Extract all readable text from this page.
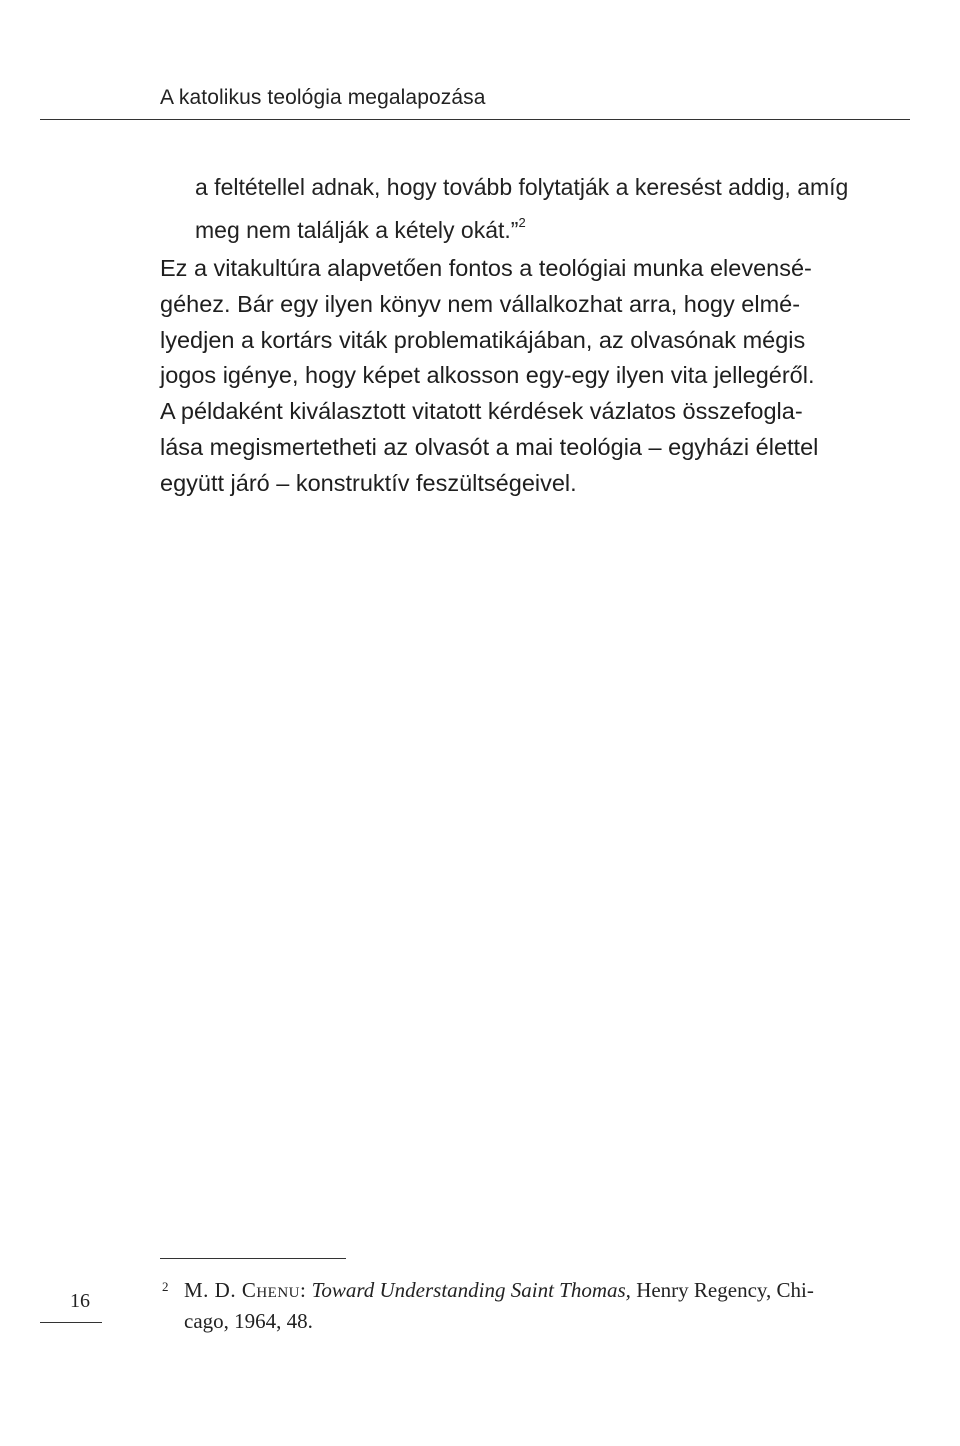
A katolikus teológia megalapozása
a feltétellel adnak, hogy tovább folytatják a keresést addig, amíg
meg nem találják a kétely okát.”$^2$
Ez a vitakultúra alapvetően fontos a teológiai munka elevensé-
géhez. Bár egy ilyen könyv nem vállalkozhat arra, hogy elmé-
lyedjen a kortárs viták problematikájában, az olvasónak mégis
jogos igénye, hogy képet alkosson egy-egy ilyen vita jellegéről.
A példaként kiválasztott vitatott kérdések vázlatos összefogla-
lása megismertetheti az olvasót a mai teológia – egyházi élettel
együtt járó – konstruktív feszültségeivel.
2 M. D. Chenu: Toward Understanding Saint Thomas, Henry Regency, Chi-
cago, 1964, 48.
16
